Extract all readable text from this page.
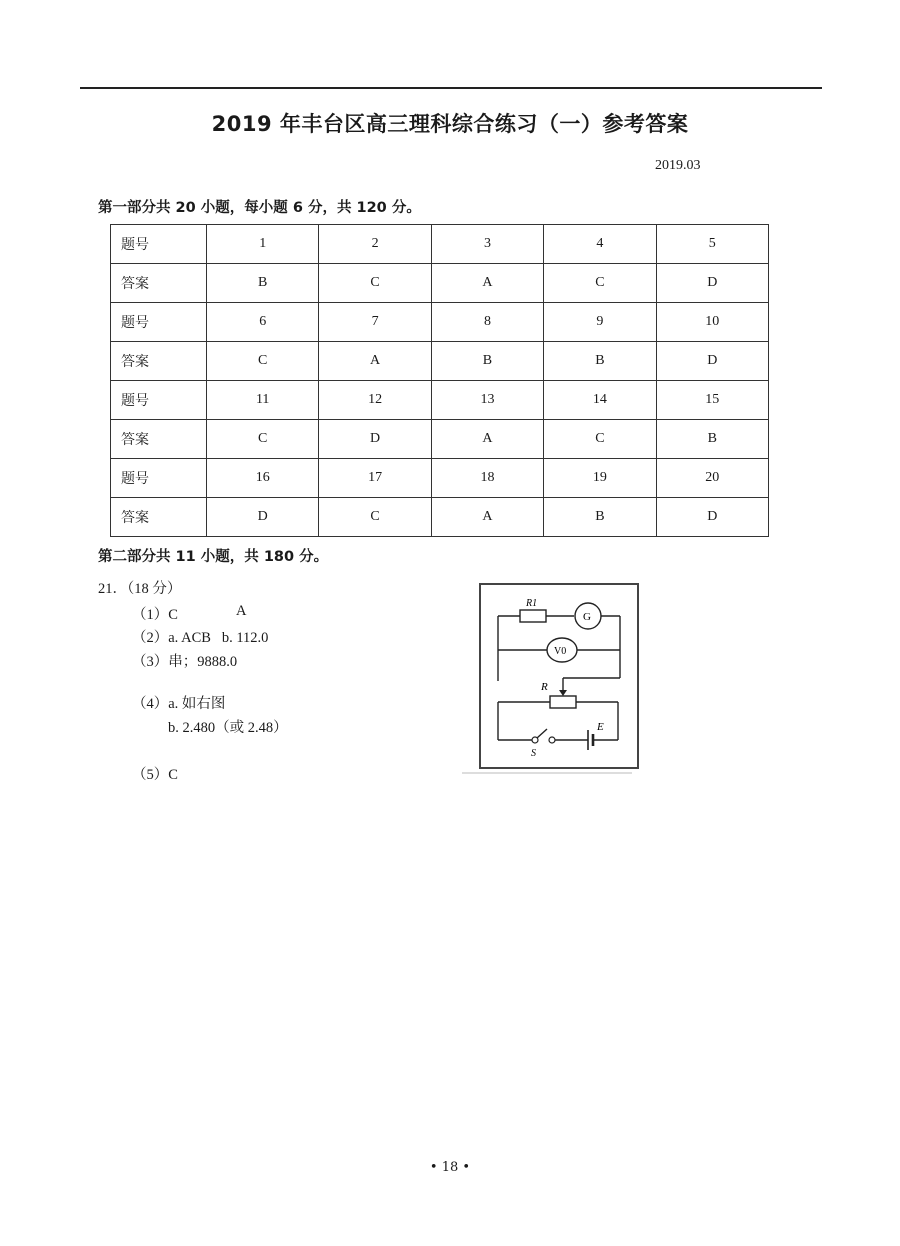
2019 年丰台区高三理科综合练习（一）参考答案
2019.03
第一部分共 20 小题，每小题 6 分，共 120 分。
题号	1	2	3	4	5
答案	B	C	A	C	D
题号	6	7	8	9	10
答案	C	A	B	B	D
题号	11	12	13	14	15
答案	C	D	A	C	B
题号	16	17	18	19	20
答案	D	C	A	B	D
第二部分共 11 小题，共 180 分。
21．（18 分）
（1）C	A
（2）a. ACB   b. 112.0
（3）串；9888.0
（4）a. 如右图
b. 2.480（或 2.48）
（5）C
R1
G
V0
R
E
S
• 18 •
